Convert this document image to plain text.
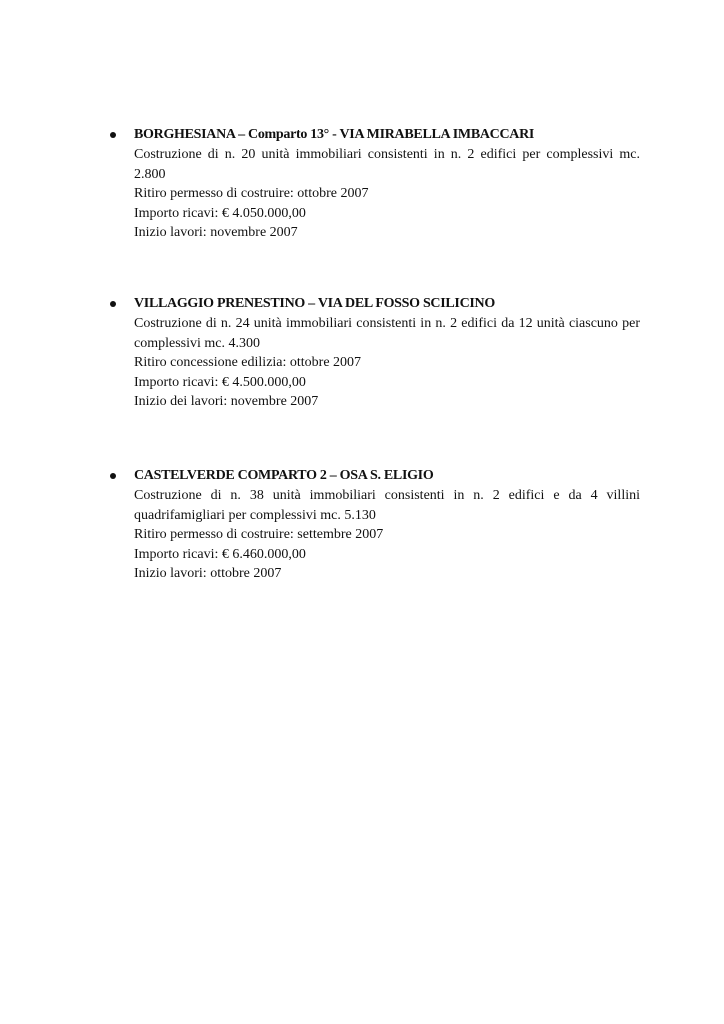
BORGHESIANA – Comparto 13° - VIA MIRABELLA IMBACCARI
Costruzione di n. 20 unità immobiliari consistenti in n. 2 edifici per complessivi mc. 2.800
Ritiro permesso di costruire: ottobre 2007
Importo ricavi: € 4.050.000,00
Inizio lavori: novembre 2007
VILLAGGIO PRENESTINO – VIA DEL FOSSO SCILICINO
Costruzione di n. 24 unità immobiliari consistenti in n. 2 edifici da 12 unità ciascuno per complessivi mc. 4.300
Ritiro concessione edilizia: ottobre 2007
Importo ricavi: € 4.500.000,00
Inizio dei lavori: novembre 2007
CASTELVERDE COMPARTO 2 – OSA S. ELIGIO
Costruzione di n. 38 unità immobiliari consistenti in n. 2 edifici e da 4 villini quadrifamigliari per complessivi mc. 5.130
Ritiro permesso di costruire: settembre 2007
Importo ricavi: € 6.460.000,00
Inizio lavori: ottobre 2007
